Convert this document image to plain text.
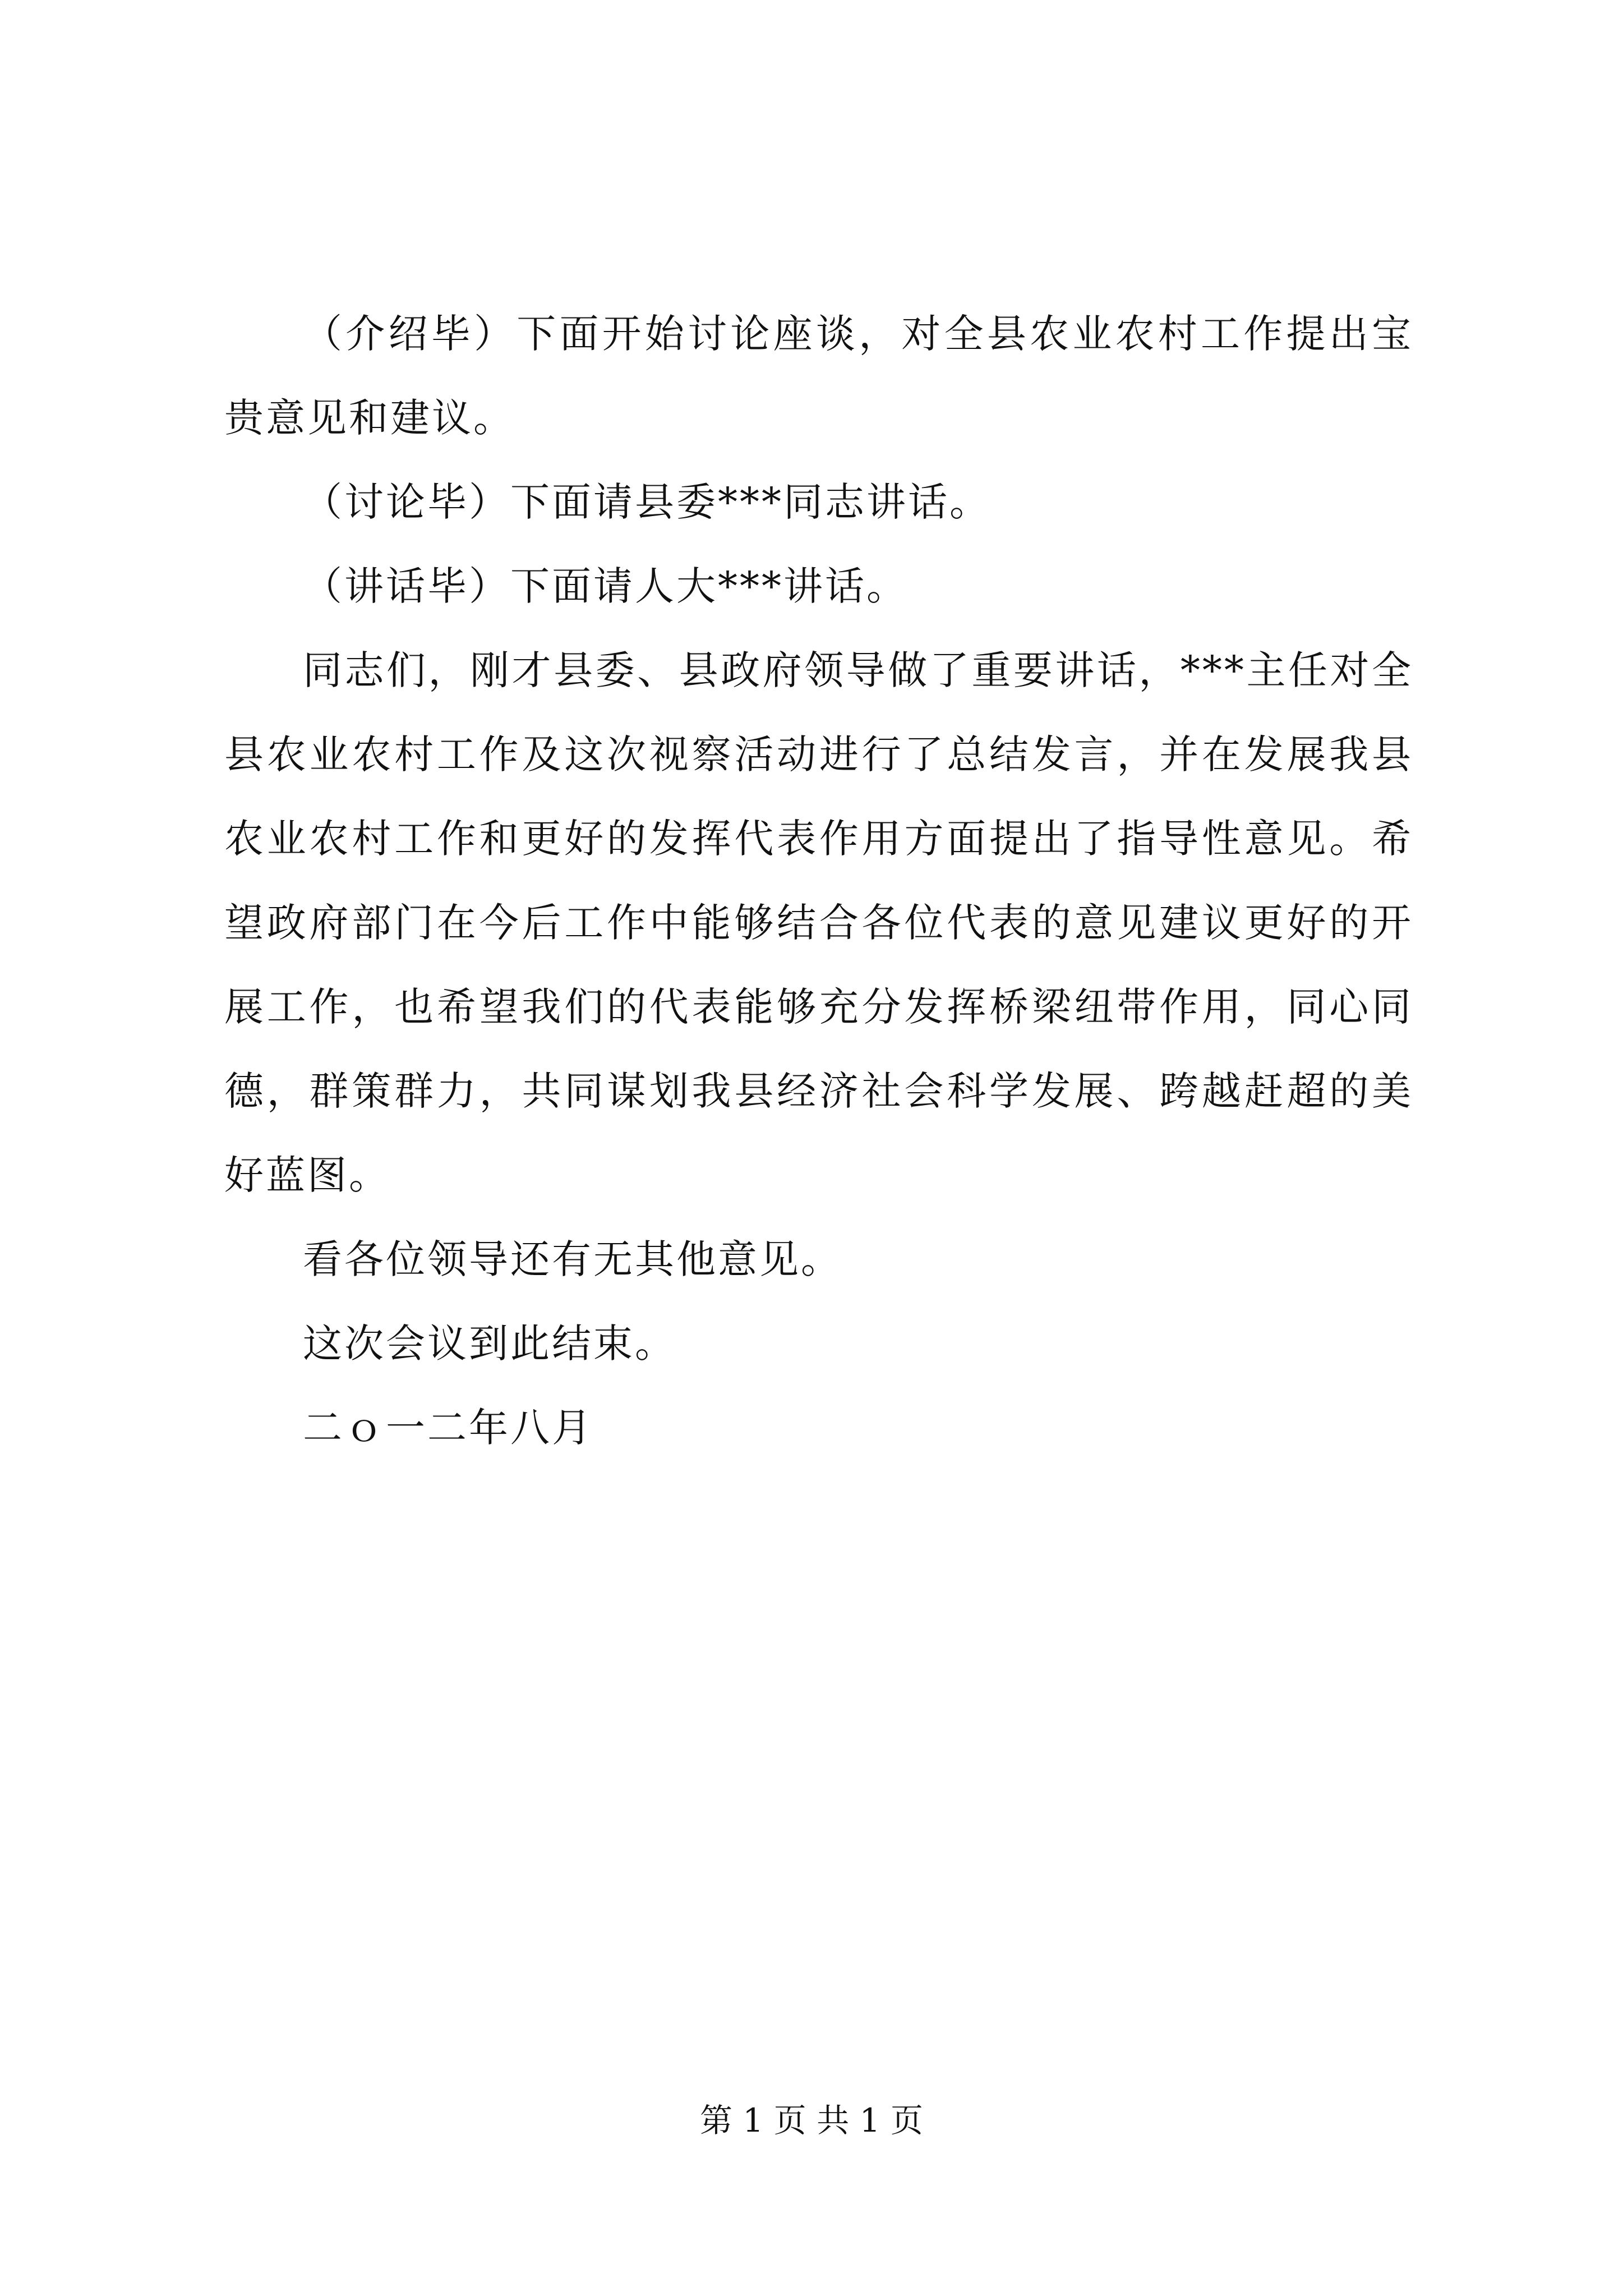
（介绍毕）下面开始讨论座谈，对全县农业农村工作提出宝贵意见和建议。

（讨论毕）下面请县委***同志讲话。

（讲话毕）下面请人大***讲话。

同志们，刚才县委、县政府领导做了重要讲话，***主任对全县农业农村工作及这次视察活动进行了总结发言，并在发展我县农业农村工作和更好的发挥代表作用方面提出了指导性意见。希望政府部门在今后工作中能够结合各位代表的意见建议更好的开展工作，也希望我们的代表能够充分发挥桥梁纽带作用，同心同德，群策群力，共同谋划我县经济社会科学发展、跨越赶超的美好蓝图。

看各位领导还有无其他意见。

这次会议到此结束。

二ｏ一二年八月

第 1 页 共 1 页
